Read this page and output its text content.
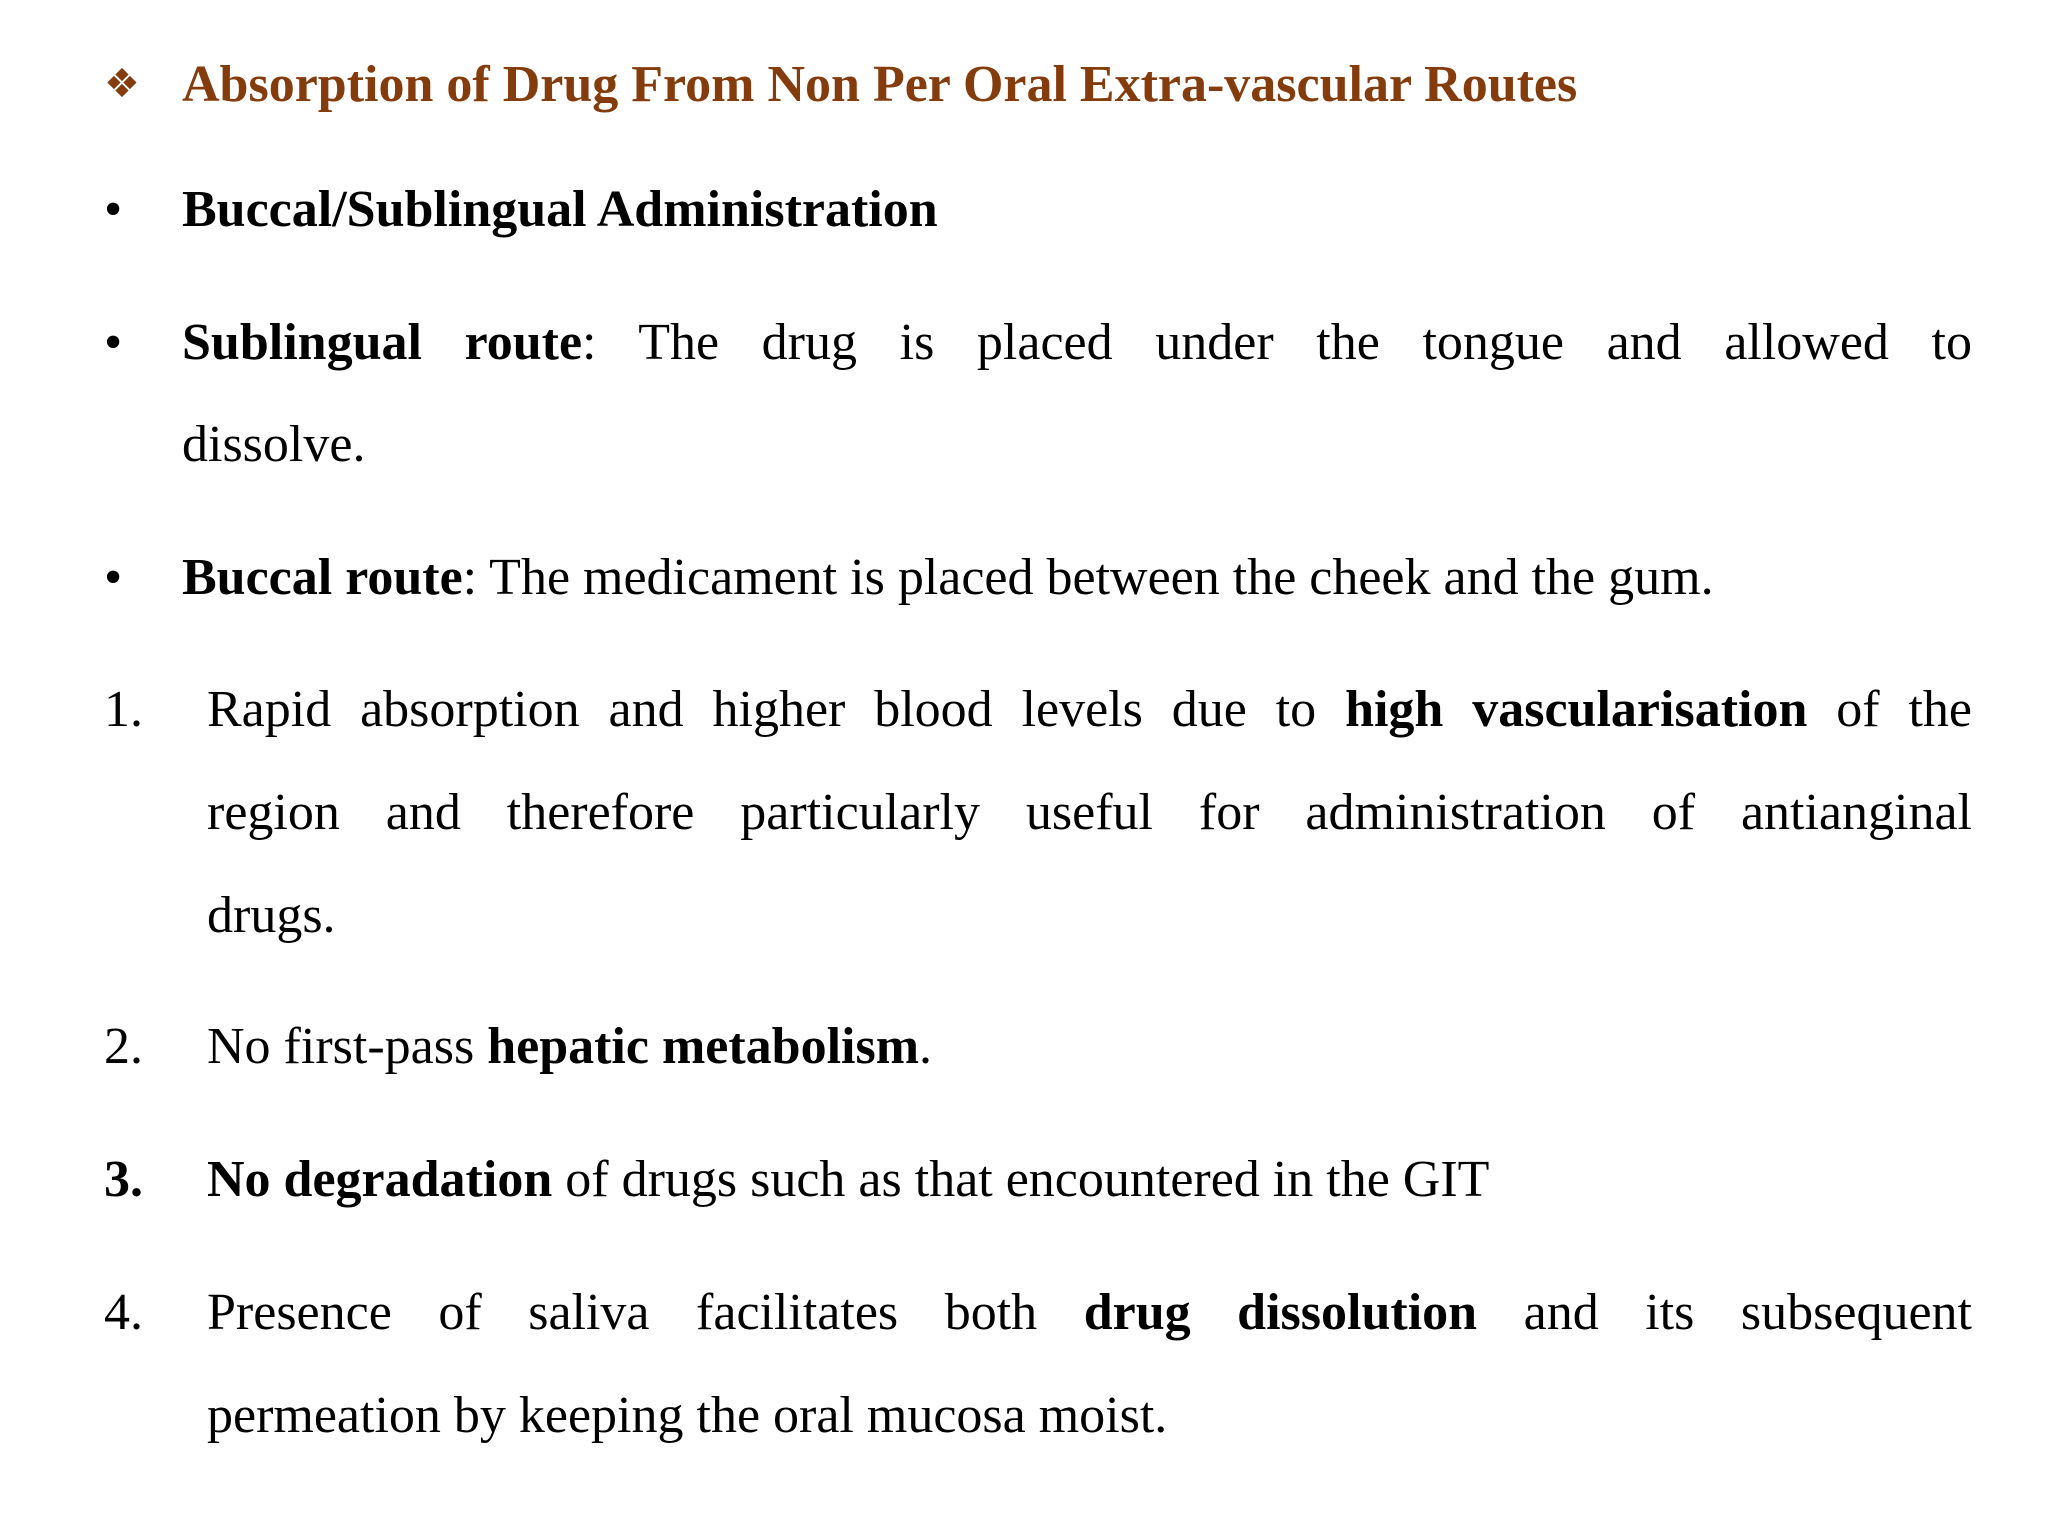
❖ Absorption of Drug From Non Per Oral Extra-vascular Routes
• Buccal/Sublingual Administration
• Sublingual route: The drug is placed under the tongue and allowed to
dissolve.
• Buccal route: The medicament is placed between the cheek and the gum.
1. Rapid absorption and higher blood levels due to high vascularisation of the
region and therefore particularly useful for administration of antianginal
drugs.
2. No first-pass hepatic metabolism.
3. No degradation of drugs such as that encountered in the GIT
4. Presence of saliva facilitates both drug dissolution and its subsequent
permeation by keeping the oral mucosa moist.
